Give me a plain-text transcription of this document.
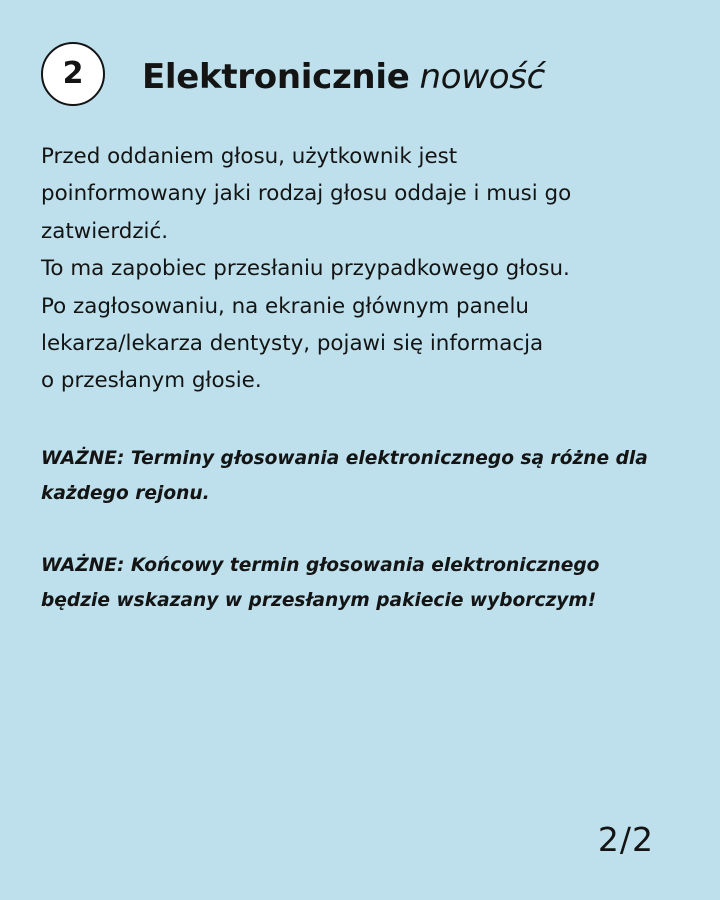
2	Elektronicznie nowość

Przed oddaniem głosu, użytkownik jest
poinformowany jaki rodzaj głosu oddaje i musi go
zatwierdzić.
To ma zapobiec przesłaniu przypadkowego głosu.
Po zagłosowaniu, na ekranie głównym panelu
lekarza/lekarza dentysty, pojawi się informacja
o przesłanym głosie.

WAŻNE: Terminy głosowania elektronicznego są różne dla
każdego rejonu.

WAŻNE: Końcowy termin głosowania elektronicznego
będzie wskazany w przesłanym pakiecie wyborczym!

2/2
